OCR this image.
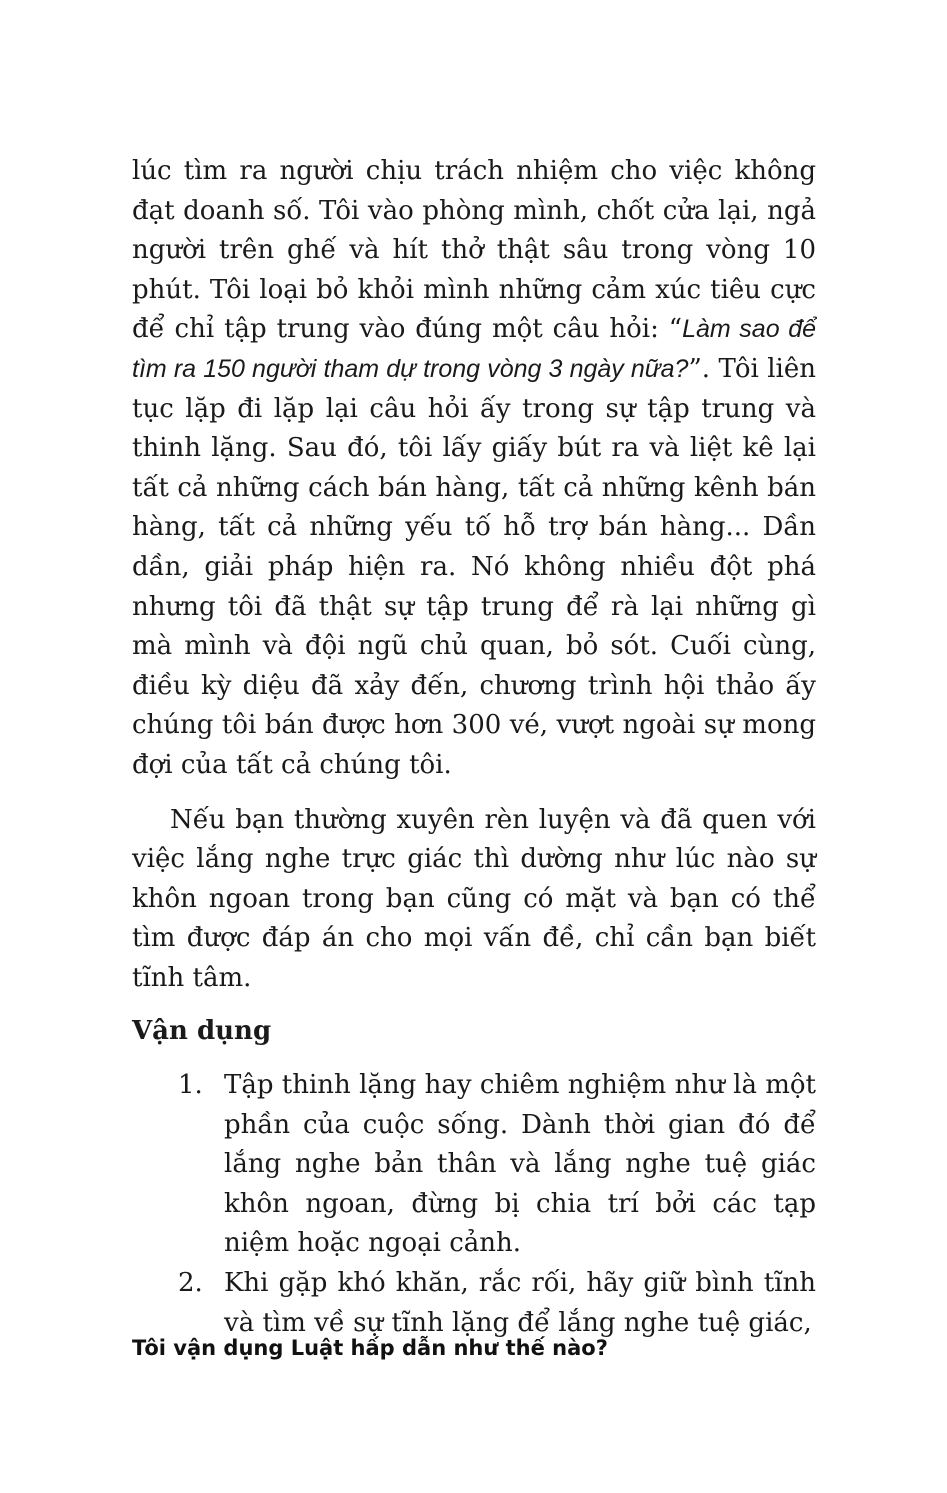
lúc tìm ra người chịu trách nhiệm cho việc không đạt doanh số. Tôi vào phòng mình, chốt cửa lại, ngả người trên ghế và hít thở thật sâu trong vòng 10 phút. Tôi loại bỏ khỏi mình những cảm xúc tiêu cực để chỉ tập trung vào đúng một câu hỏi: “Làm sao để tìm ra 150 người tham dự trong vòng 3 ngày nữa?”. Tôi liên tục lặp đi lặp lại câu hỏi ấy trong sự tập trung và thinh lặng. Sau đó, tôi lấy giấy bút ra và liệt kê lại tất cả những cách bán hàng, tất cả những kênh bán hàng, tất cả những yếu tố hỗ trợ bán hàng... Dần dần, giải pháp hiện ra. Nó không nhiều đột phá nhưng tôi đã thật sự tập trung để rà lại những gì mà mình và đội ngũ chủ quan, bỏ sót. Cuối cùng, điều kỳ diệu đã xảy đến, chương trình hội thảo ấy chúng tôi bán được hơn 300 vé, vượt ngoài sự mong đợi của tất cả chúng tôi.

Nếu bạn thường xuyên rèn luyện và đã quen với việc lắng nghe trực giác thì dường như lúc nào sự khôn ngoan trong bạn cũng có mặt và bạn có thể tìm được đáp án cho mọi vấn đề, chỉ cần bạn biết tĩnh tâm.

Vận dụng
1. Tập thinh lặng hay chiêm nghiệm như là một phần của cuộc sống. Dành thời gian đó để lắng nghe bản thân và lắng nghe tuệ giác khôn ngoan, đừng bị chia trí bởi các tạp niệm hoặc ngoại cảnh.
2. Khi gặp khó khăn, rắc rối, hãy giữ bình tĩnh và tìm về sự tĩnh lặng để lắng nghe tuệ giác,
Tôi vận dụng Luật hấp dẫn như thế nào?
